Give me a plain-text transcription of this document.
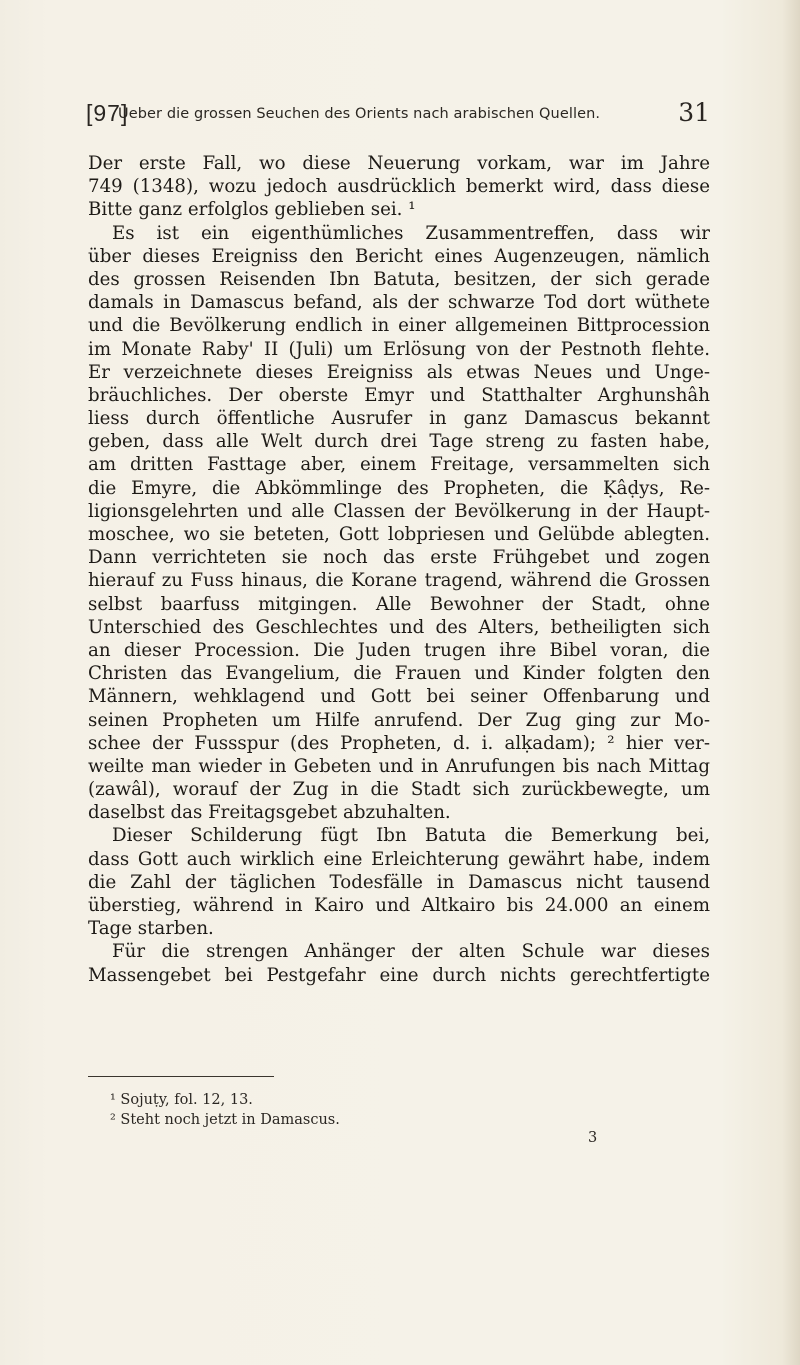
[97]
Ueber die grossen Seuchen des Orients nach arabischen Quellen.	31
Der erste Fall, wo diese Neuerung vorkam, war im Jahre
749 (1348), wozu jedoch ausdrücklich bemerkt wird, dass diese
Bitte ganz erfolglos geblieben sei. ¹
Es ist ein eigenthümliches Zusammentreffen, dass wir
über dieses Ereigniss den Bericht eines Augenzeugen, nämlich
des grossen Reisenden Ibn Batuta, besitzen, der sich gerade
damals in Damascus befand, als der schwarze Tod dort wüthete
und die Bevölkerung endlich in einer allgemeinen Bittprocession
im Monate Raby' II (Juli) um Erlösung von der Pestnoth flehte.
Er verzeichnete dieses Ereigniss als etwas Neues und Unge-
bräuchliches. Der oberste Emyr und Statthalter Arghunshâh
liess durch öffentliche Ausrufer in ganz Damascus bekannt
geben, dass alle Welt durch drei Tage streng zu fasten habe,
am dritten Fasttage aber, einem Freitage, versammelten sich
die Emyre, die Abkömmlinge des Propheten, die Ḳâḍys, Re-
ligionsgelehrten und alle Classen der Bevölkerung in der Haupt-
moschee, wo sie beteten, Gott lobpriesen und Gelübde ablegten.
Dann verrichteten sie noch das erste Frühgebet und zogen
hierauf zu Fuss hinaus, die Korane tragend, während die Grossen
selbst baarfuss mitgingen. Alle Bewohner der Stadt, ohne
Unterschied des Geschlechtes und des Alters, betheiligten sich
an dieser Procession. Die Juden trugen ihre Bibel voran, die
Christen das Evangelium, die Frauen und Kinder folgten den
Männern, wehklagend und Gott bei seiner Offenbarung und
seinen Propheten um Hilfe anrufend. Der Zug ging zur Mo-
schee der Fussspur (des Propheten, d. i. alḳadam); ² hier ver-
weilte man wieder in Gebeten und in Anrufungen bis nach Mittag
(zawâl), worauf der Zug in die Stadt sich zurückbewegte, um
daselbst das Freitagsgebet abzuhalten.
Dieser Schilderung fügt Ibn Batuta die Bemerkung bei,
dass Gott auch wirklich eine Erleichterung gewährt habe, indem
die Zahl der täglichen Todesfälle in Damascus nicht tausend
überstieg, während in Kairo und Altkairo bis 24.000 an einem
Tage starben.
Für die strengen Anhänger der alten Schule war dieses
Massengebet bei Pestgefahr eine durch nichts gerechtfertigte
¹ Sojuṭy, fol. 12, 13.
² Steht noch jetzt in Damascus.
3
